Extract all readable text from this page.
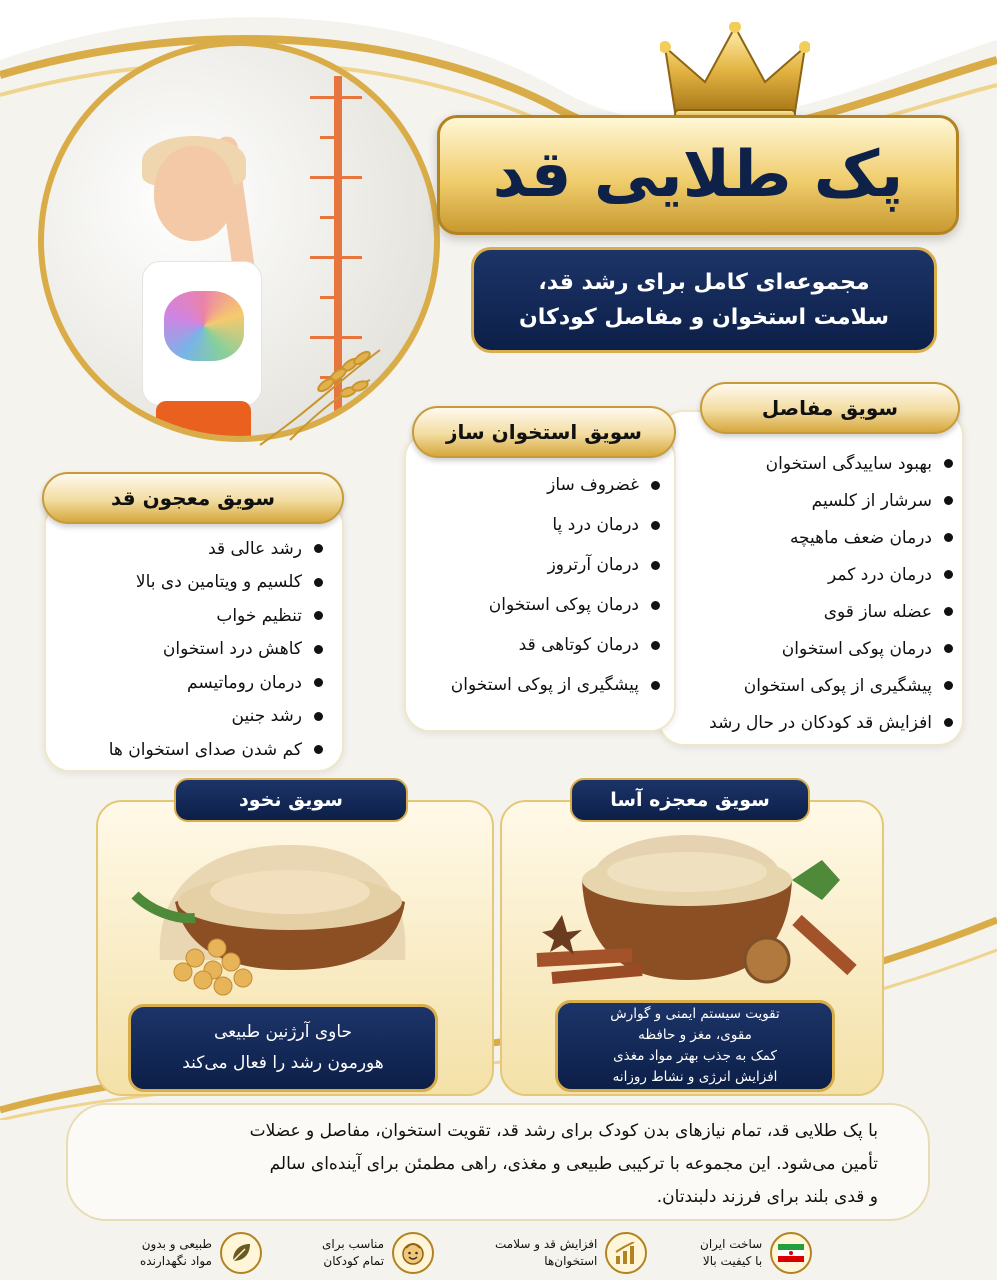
پک طلایی قد
مجموعه‌ای کامل برای رشد قد،
سلامت استخوان و مفاصل کودکان
سویق مفاصل
بهبود ساییدگی استخوان
سرشار از کلسیم
درمان ضعف ماهیچه
درمان درد کمر
عضله ساز قوی
درمان پوکی استخوان
پیشگیری از پوکی استخوان
افزایش قد کودکان در حال رشد
سویق استخوان ساز
غضروف ساز
درمان درد پا
درمان آرتروز
درمان پوکی استخوان
درمان کوتاهی قد
پیشگیری از پوکی استخوان
سویق معجون قد
رشد عالی قد
کلسیم و ویتامین دی بالا
تنظیم خواب
کاهش درد استخوان
درمان روماتیسم
رشد جنین
کم شدن صدای استخوان ها
سویق نخود
حاوی آرژنین طبیعی
هورمون رشد را فعال می‌کند
سویق معجزه آسا
تقویت سیستم ایمنی و گوارش
مقوی، مغز و حافظه
کمک به جذب بهتر مواد مغذی
افزایش انرژی و نشاط روزانه
با پک طلایی قد، تمام نیازهای بدن کودک برای رشد قد، تقویت استخوان، مفاصل و عضلات
تأمین می‌شود. این مجموعه با ترکیبی طبیعی و مغذی، راهی مطمئن برای آینده‌ای سالم
و قدی بلند برای فرزند دلبندتان.
ساخت ایران
با کیفیت بالا
افزایش قد و سلامت
استخوان‌ها
مناسب برای
تمام کودکان
طبیعی و بدون
مواد نگهدارنده
